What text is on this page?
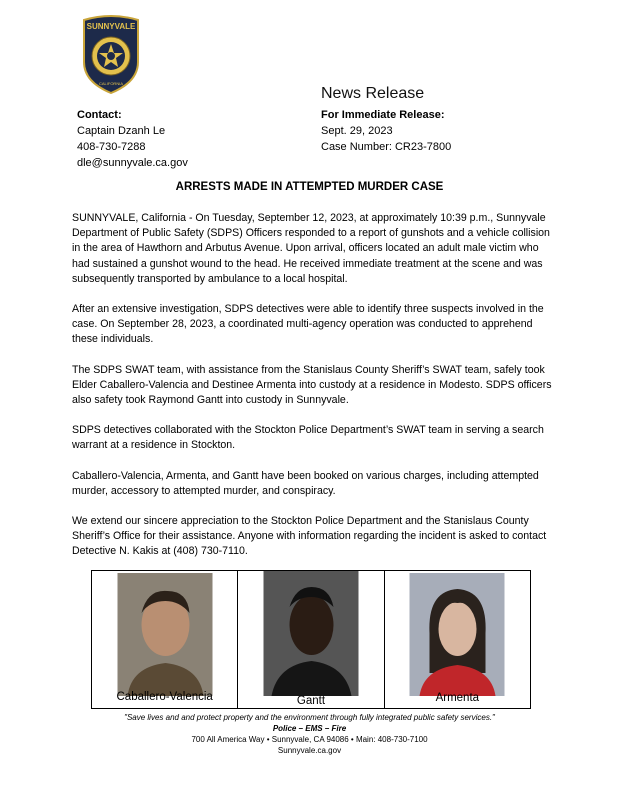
SUNNYVALE
CALIFORNIA
News Release
Contact:
Captain Dzanh Le
408-730-7288
dle@sunnyvale.ca.gov
For Immediate Release:
Sept. 29, 2023
Case Number: CR23-7800
ARRESTS MADE IN ATTEMPTED MURDER CASE

SUNNYVALE, California - On Tuesday, September 12, 2023, at approximately 10:39 p.m., Sunnyvale Department of Public Safety (SDPS) Officers responded to a report of gunshots and a vehicle collision in the area of Hawthorn and Arbutus Avenue. Upon arrival, officers located an adult male victim who had sustained a gunshot wound to the head. He received immediate treatment at the scene and was subsequently transported by ambulance to a local hospital.

After an extensive investigation, SDPS detectives were able to identify three suspects involved in the case. On September 28, 2023, a coordinated multi-agency operation was conducted to apprehend these individuals.

The SDPS SWAT team, with assistance from the Stanislaus County Sheriff’s SWAT team, safely took Elder Caballero-Valencia and Destinee Armenta into custody at a residence in Modesto. SDPS officers also safety took Raymond Gantt into custody in Sunnyvale.

SDPS detectives collaborated with the Stockton Police Department’s SWAT team in serving a search warrant at a residence in Stockton.

Caballero-Valencia, Armenta, and Gantt have been booked on various charges, including attempted murder, accessory to attempted murder, and conspiracy.

We extend our sincere appreciation to the Stockton Police Department and the Stanislaus County Sheriff’s Office for their assistance. Anyone with information regarding the incident is asked to contact Detective N. Kakis at (408) 730-7110.

Caballero-Valencia	Gantt	Armenta
"Save lives and and protect property and the environment through fully integrated public safety services."
Police – EMS – Fire
700 All America Way • Sunnyvale, CA 94086 • Main: 408-730-7100
Sunnyvale.ca.gov
